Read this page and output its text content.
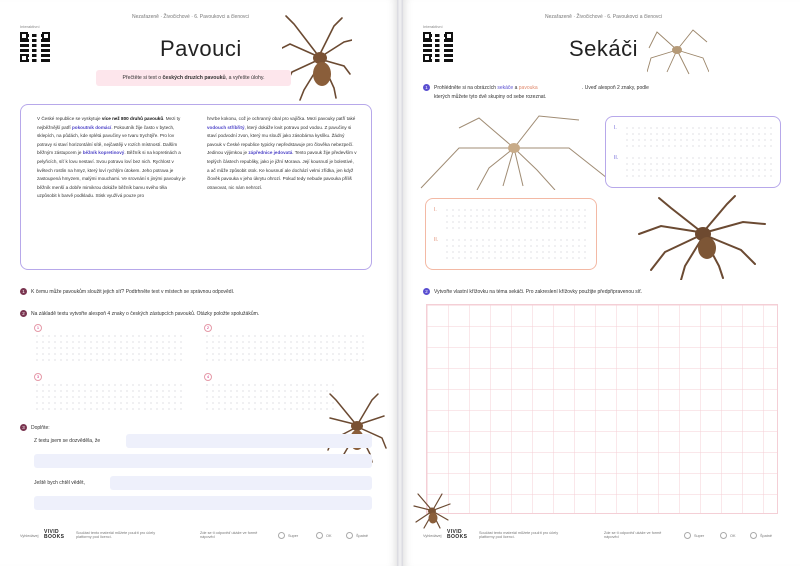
Nezařazeně · Živočichové · 6. Pavoukovci a členovci
Interaktivní
Pavouci
Přečtěte si text o českých druzích pavouků, a vyřešte úlohy.
V České republice se vyskytuje více než 800 druhů pavouků. Mezi ty nejběžnější patří pokoutník domácí. Pokoutník žije často v bytech, sklepích, na půdách, kde splétá pavučiny ve tvaru trychtýře. Pro lov potravy si staví horizontální sítě, nejčastěji v rozích místností. Dalším běžným zástupcem je běžník kopretinový. Běžník si na kopretinách a pelyňcích, síť k lovu nestaví. Svou potravu loví bez nich. Rychlost v květech rostlin na hmyz, který loví rychlým útokem. Jeho potrava je zastoupená hmyzem, malými mouchami. Ve srovnání s jinými pavouky je běžník menší a dobře mimikrou dokáže běžník barvu svého těla uzpůsobit k barvě podkladu. Stisk využívá pouze pro
hrvrbe kokonu, což je ochranný obal pro vajíčka. Mezi pavouky patří také vodouch stříbřitý, který dokáže lovit potravu pod vodou. Z pavučiny si staví podvodní zvon, který mu slouží jako zásobárna kyslíku. Žádný pavouk v České republice typicky nepředstavuje pro člověka nebezpečí. Jedinou výjimkou je zápřednice jedovatá. Tento pavouk žije především v teplých částech republiky, jako je jižní Morava. Její kousnutí je bolestivé, a ač může způsobit otok. Ke kousnutí ale dochází velmi zřídka, jen když člověk pavouka v jeho úkrytu ohrozí. Pokud tedy nebude pavouka příliš otravovat, nic nám nehrozí.
1 K čemu může pavoukům sloužit jejich síť? Podtrhněte text v místech se správnou odpovědí.
2 Na základě textu vytvořte alespoň 4 znaky o českých zástupcích pavouků. Otázky položte spolužákům.
1	2
3	4
3 Doplňte:
Z textu jsem se dozvěděla, že
Ještě bych chtěl vědět,
Vyhledávej
VIVID
BOOKS
Součást tento materiál můžete použít pro účely platformy pod licencí.
Zde se ti odpověď ukáže ve formě nápověd	Super	OK	Špatně
Nezařazeně · Živočichové · 6. Pavoukovci a členovci
Interaktivní
Sekáči
1 Prohlédněte si na obrázcích sekáče a pavouka	. Uveď alespoň 2 znaky, podle kterých můžete tyto dvě skupiny od sebe rozeznat.
I.
II.
I.
II.
2 Vytvořte vlastní křížovku na téma sekáči. Pro zakreslení křížovky použijte předpřipravenou síť.
Vyhledávej
VIVID
BOOKS
Součást tento materiál můžete použít pro účely platformy pod licencí.
Zde se ti odpověď ukáže ve formě nápověd	Super	OK	Špatně
